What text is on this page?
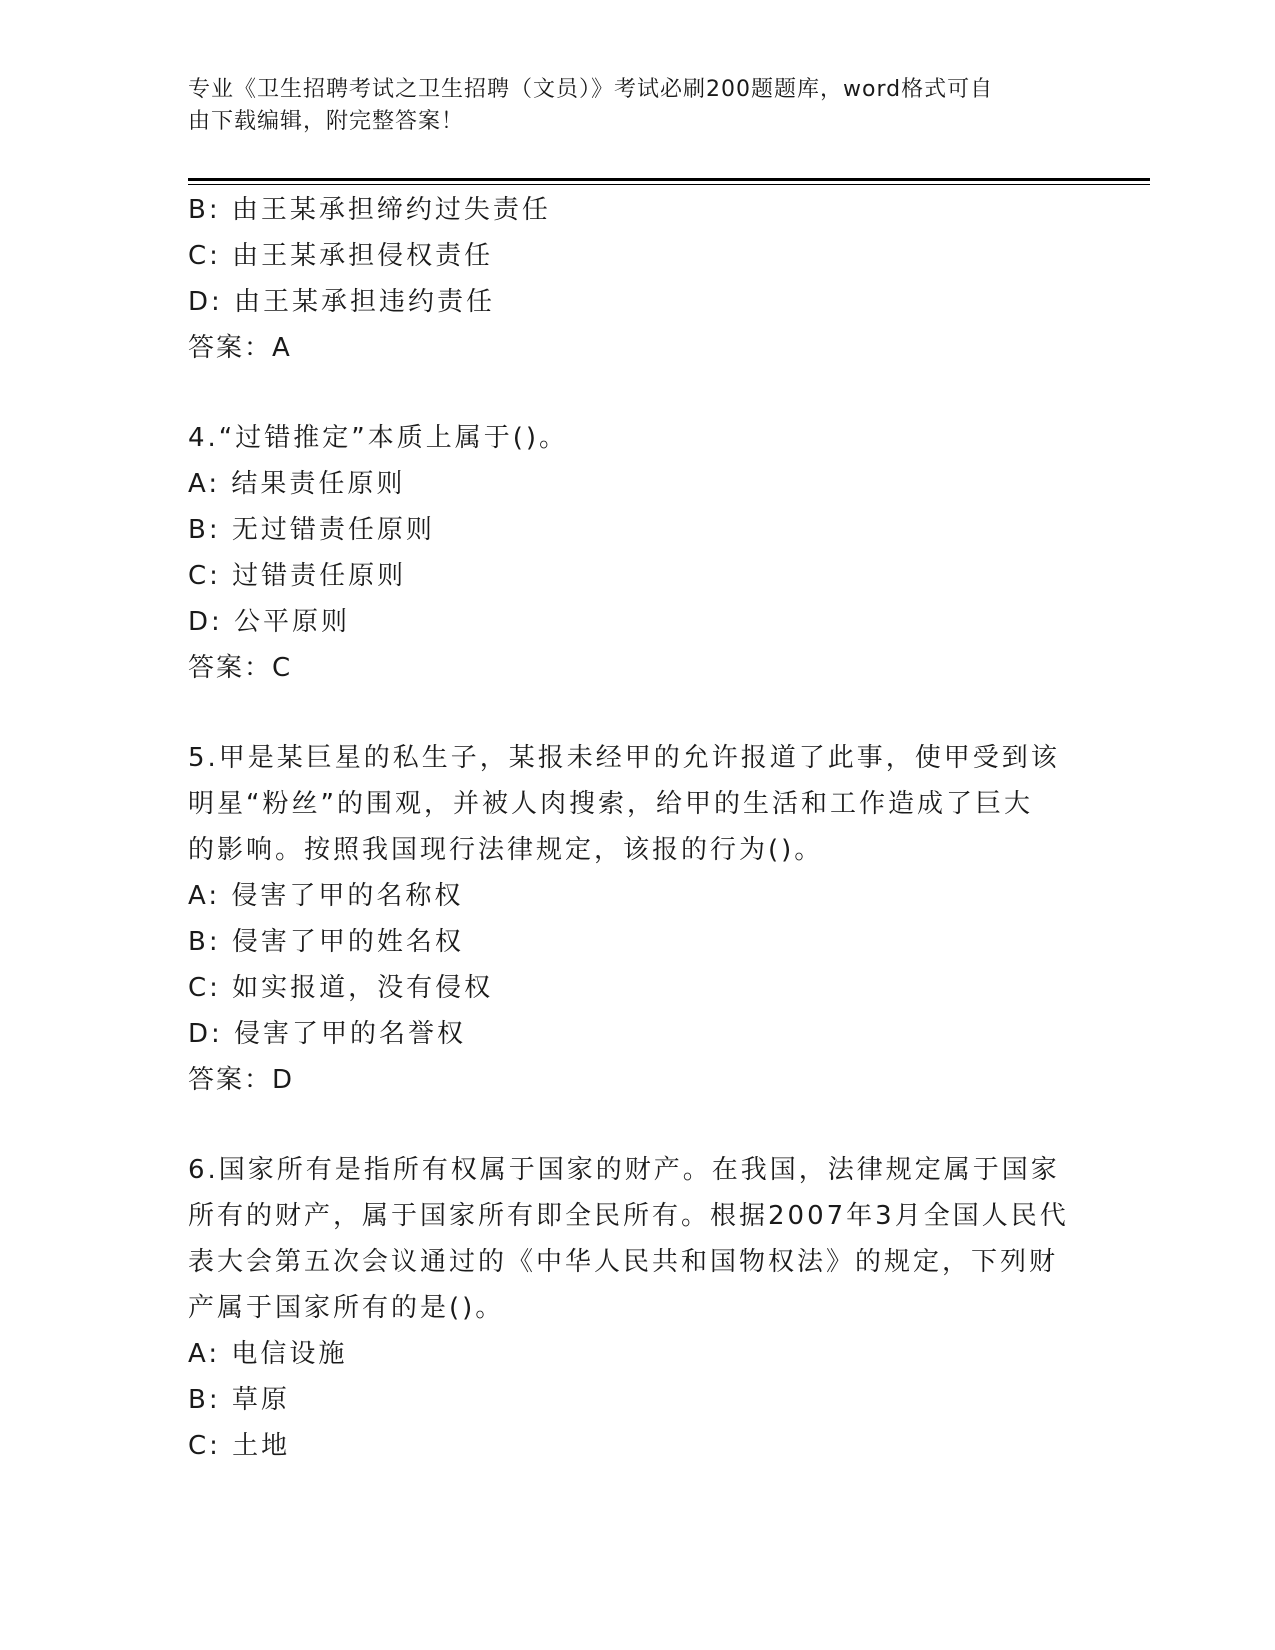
专业《卫生招聘考试之卫生招聘（文员）》考试必刷200题题库，word格式可自
由下载编辑，附完整答案！
B: 由王某承担缔约过失责任
C: 由王某承担侵权责任
D: 由王某承担违约责任
答案：A
4.“过错推定”本质上属于()。
A: 结果责任原则
B: 无过错责任原则
C: 过错责任原则
D: 公平原则
答案：C
5.甲是某巨星的私生子，某报未经甲的允许报道了此事，使甲受到该
明星“粉丝”的围观，并被人肉搜索，给甲的生活和工作造成了巨大
的影响。按照我国现行法律规定，该报的行为()。
A: 侵害了甲的名称权
B: 侵害了甲的姓名权
C: 如实报道，没有侵权
D: 侵害了甲的名誉权
答案：D
6.国家所有是指所有权属于国家的财产。在我国，法律规定属于国家
所有的财产，属于国家所有即全民所有。根据2007年3月全国人民代
表大会第五次会议通过的《中华人民共和国物权法》的规定，下列财
产属于国家所有的是()。
A: 电信设施
B: 草原
C: 土地
